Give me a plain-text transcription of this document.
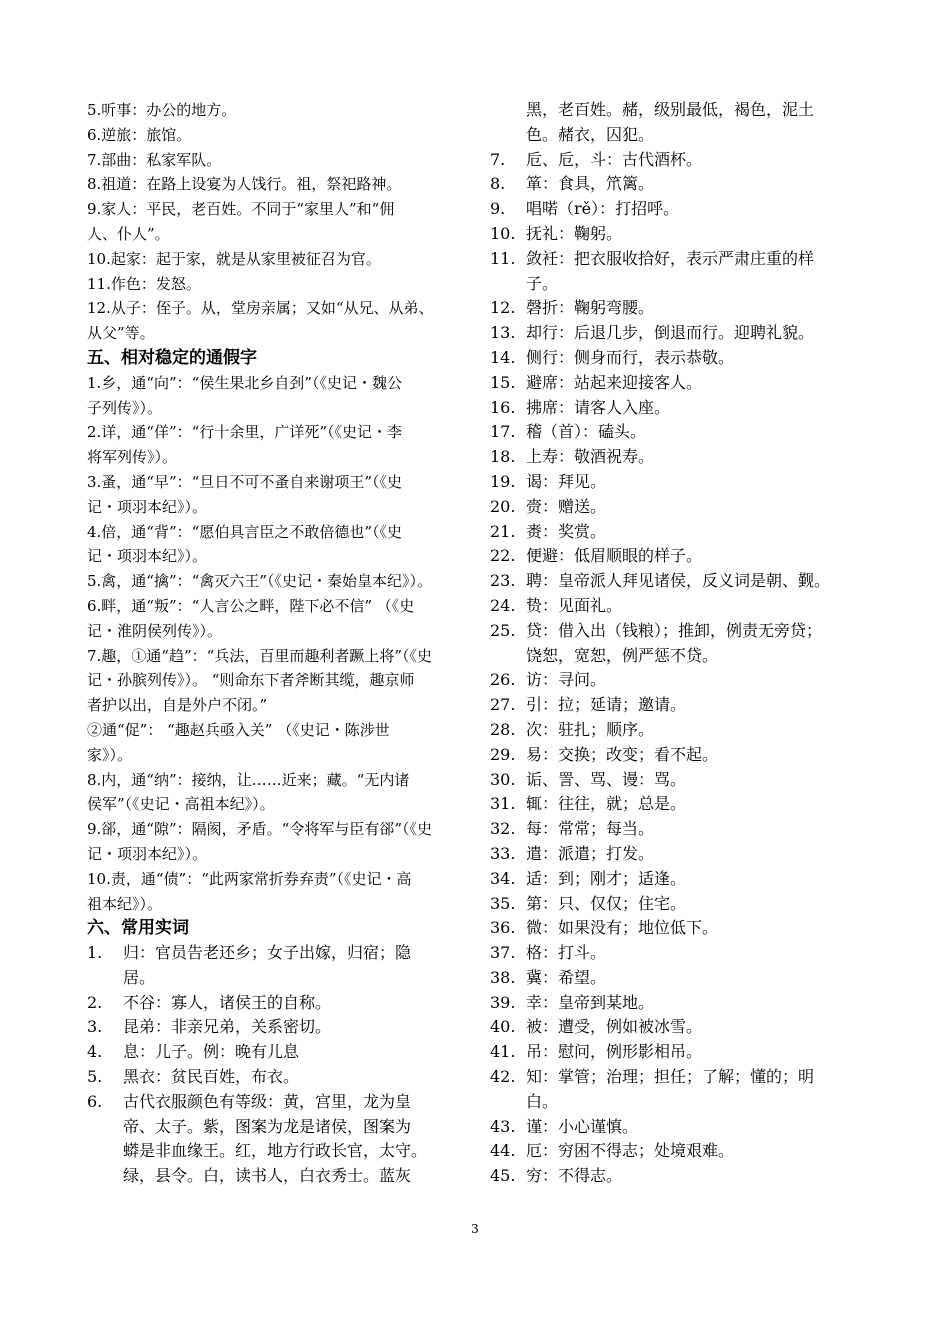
5.听事：办公的地方。
6.逆旅：旅馆。
7.部曲：私家军队。
8.祖道：在路上设宴为人饯行。祖，祭祀路神。
9.家人：平民，老百姓。不同于“家里人”和“佣
人、仆人”。
10.起家：起于家，就是从家里被征召为官。
11.作色：发怒。
12.从子：侄子。从，堂房亲属；又如“从兄、从弟、
从父”等。
五、相对稳定的通假字
1.乡，通“向”：“侯生果北乡自刭”（《史记・魏公
子列传》）。
2.详，通“佯”：“行十余里，广详死”（《史记・李
将军列传》）。
3.蚤，通“早”：“旦日不可不蚤自来谢项王”（《史
记・项羽本纪》）。
4.倍，通“背”：“愿伯具言臣之不敢倍德也”（《史
记・项羽本纪》）。
5.禽，通“擒”：“禽灭六王”（《史记・秦始皇本纪》）。
6.畔，通“叛”：“人言公之畔，陛下必不信” （《史
记・淮阴侯列传》）。
7.趣，①通“趋”：“兵法，百里而趣利者蹶上将”（《史
记・孙膑列传》）。 “则命东下者斧断其缆，趣京师
者护以出，自是外户不闭。”
②通“促”： “趣赵兵亟入关” （《史记・陈涉世
家》）。
8.内，通“纳”：接纳，让……近来；藏。“无内诸
侯军”（《史记・高祖本纪》）。
9.郤，通“隙”：隔阂，矛盾。“令将军与臣有郤”（《史
记・项羽本纪》）。
10.责，通“债”：“此两家常折券弃责”（《史记・高
祖本纪》）。
六、常用实词
1.	归：官员告老还乡；女子出嫁，归宿；隐
居。
2.	不谷：寡人，诸侯王的自称。
3.	昆弟：非亲兄弟，关系密切。
4.	息：儿子。例：晚有儿息
5.	黑衣：贫民百姓，布衣。
6.	古代衣服颜色有等级：黄，宫里，龙为皇
帝、太子。紫，图案为龙是诸侯，图案为
蟒是非血缘王。红，地方行政长官，太守。
绿，县令。白，读书人，白衣秀士。蓝灰
黑，老百姓。赭，级别最低，褐色，泥土
色。赭衣，囚犯。
7.	卮、卮，斗：古代酒杯。
8.	箪：食具，笊篱。
9.	唱喏（rě）：打招呼。
10. 抚礼：鞠躬。
11. 敛衽：把衣服收拾好，表示严肃庄重的样
子。
12. 磬折：鞠躬弯腰。
13. 却行：后退几步，倒退而行。迎聘礼貌。
14. 侧行：侧身而行，表示恭敬。
15. 避席：站起来迎接客人。
16. 拂席：请客人入座。
17. 稽（首）：磕头。
18. 上寿：敬酒祝寿。
19. 谒：拜见。
20. 赍：赠送。
21. 赉：奖赏。
22. 便避：低眉顺眼的样子。
23. 聘：皇帝派人拜见诸侯，反义词是朝、觐。
24. 贽：见面礼。
25. 贷：借入出（钱粮）；推卸，例责无旁贷；
饶恕，宽恕，例严惩不贷。
26. 访：寻问。
27. 引：拉；延请；邀请。
28. 次：驻扎；顺序。
29. 易：交换；改变；看不起。
30. 诟、詈、骂、谩：骂。
31. 辄：往往，就；总是。
32. 每：常常；每当。
33. 遣：派遣；打发。
34. 适：到；刚才；适逢。
35. 第：只、仅仅；住宅。
36. 微：如果没有；地位低下。
37. 格：打斗。
38. 冀：希望。
39. 幸：皇帝到某地。
40. 被：遭受，例如被冰雪。
41. 吊：慰问，例形影相吊。
42. 知：掌管；治理；担任；了解；懂的；明
白。
43. 谨：小心谨慎。
44. 厄：穷困不得志；处境艰难。
45. 穷：不得志。
3
